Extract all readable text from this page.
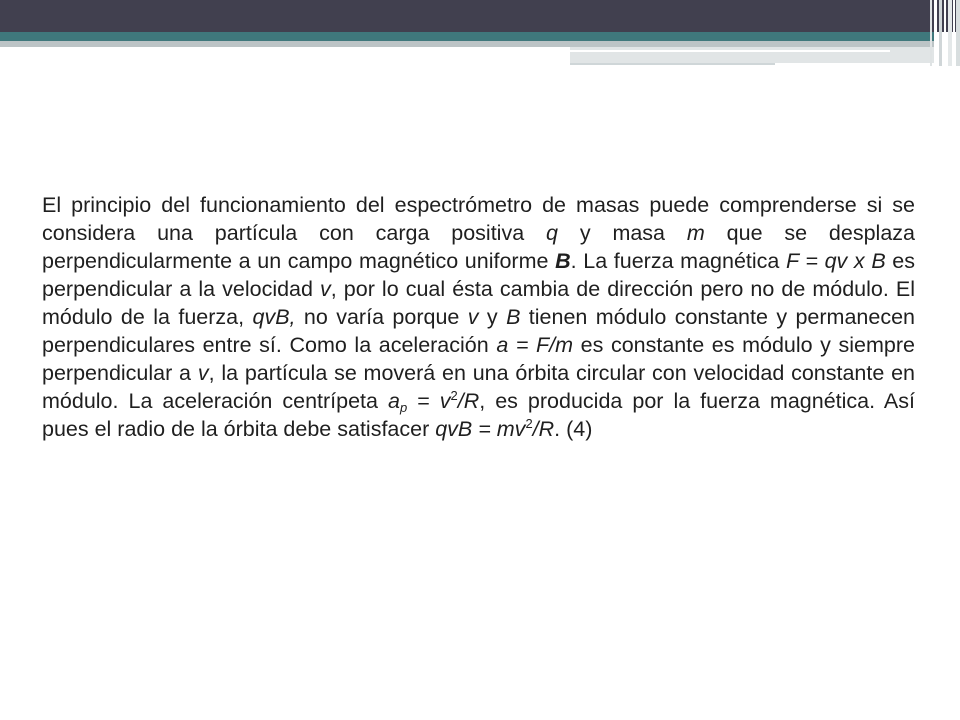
El principio del funcionamiento del espectrómetro de masas puede comprenderse si se considera una partícula con carga positiva q y masa m que se desplaza perpendicularmente a un campo magnético uniforme B. La fuerza magnética F = qv x B es perpendicular a la velocidad v, por lo cual ésta cambia de dirección pero no de módulo. El módulo de la fuerza, qvB, no varía porque v y B tienen módulo constante y permanecen perpendiculares entre sí. Como la aceleración a = F/m es constante es módulo y siempre perpendicular a v, la partícula se moverá en una órbita circular con velocidad constante en módulo. La aceleración centrípeta $a_p = v^2/R$, es producida por la fuerza magnética. Así pues el radio de la órbita debe satisfacer qvB = $mv^2/R$. (4)
